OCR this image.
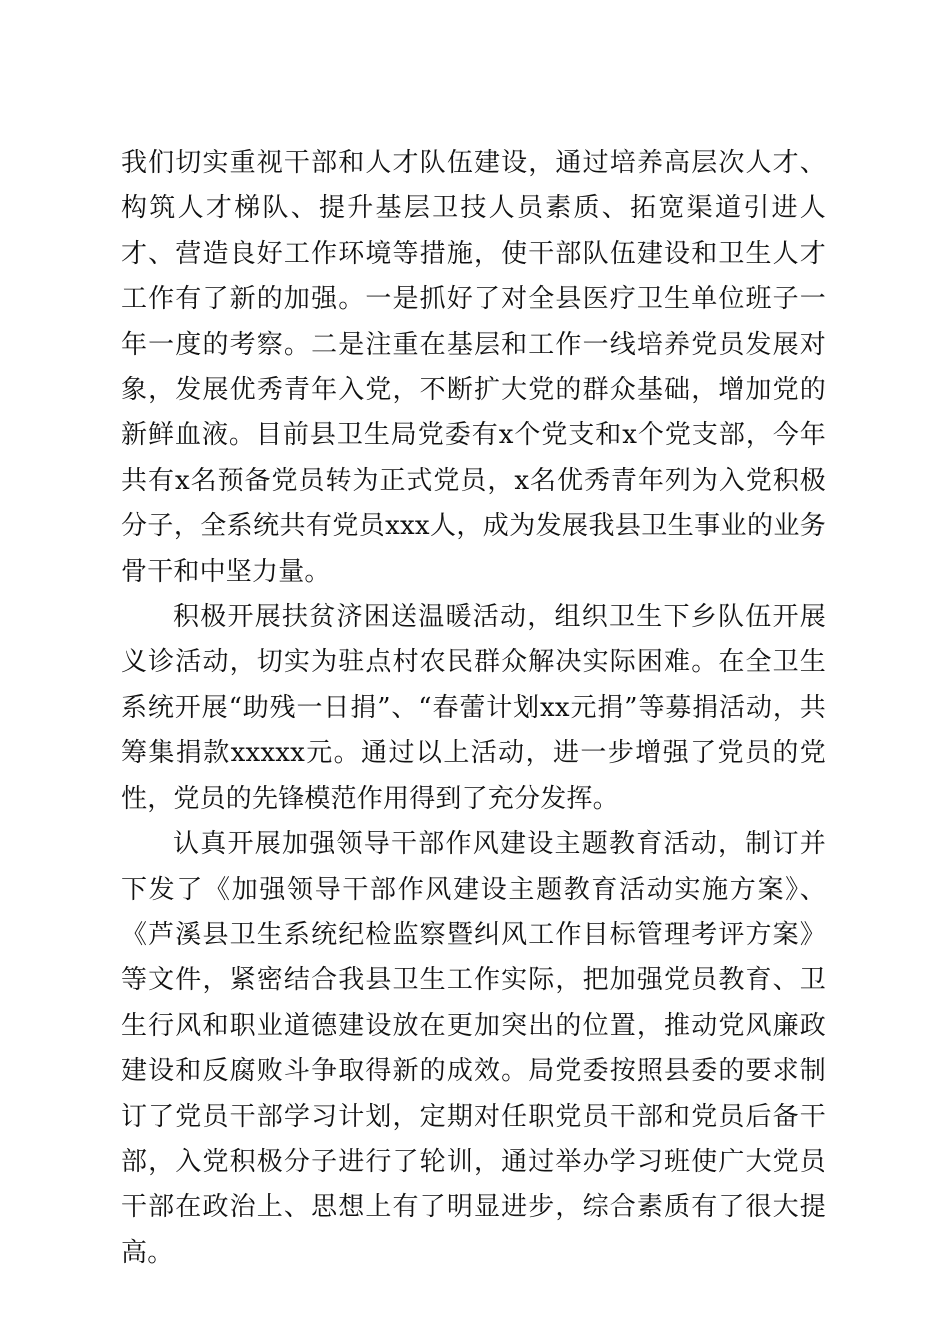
我们切实重视干部和人才队伍建设，通过培养高层次人才、构筑人才梯队、提升基层卫技人员素质、拓宽渠道引进人才、营造良好工作环境等措施，使干部队伍建设和卫生人才工作有了新的加强。一是抓好了对全县医疗卫生单位班子一年一度的考察。二是注重在基层和工作一线培养党员发展对象，发展优秀青年入党，不断扩大党的群众基础，增加党的新鲜血液。目前县卫生局党委有x个党支和x个党支部，今年共有x名预备党员转为正式党员，x名优秀青年列为入党积极分子，全系统共有党员xxx人，成为发展我县卫生事业的业务骨干和中坚力量。

积极开展扶贫济困送温暖活动，组织卫生下乡队伍开展义诊活动，切实为驻点村农民群众解决实际困难。在全卫生系统开展“助残一日捐”、“春蕾计划xx元捐”等募捐活动，共筹集捐款xxxxx元。通过以上活动，进一步增强了党员的党性，党员的先锋模范作用得到了充分发挥。

认真开展加强领导干部作风建设主题教育活动，制订并下发了《加强领导干部作风建设主题教育活动实施方案》、《芦溪县卫生系统纪检监察暨纠风工作目标管理考评方案》等文件，紧密结合我县卫生工作实际，把加强党员教育、卫生行风和职业道德建设放在更加突出的位置，推动党风廉政建设和反腐败斗争取得新的成效。局党委按照县委的要求制订了党员干部学习计划，定期对任职党员干部和党员后备干部，入党积极分子进行了轮训，通过举办学习班使广大党员干部在政治上、思想上有了明显进步，综合素质有了很大提高。
